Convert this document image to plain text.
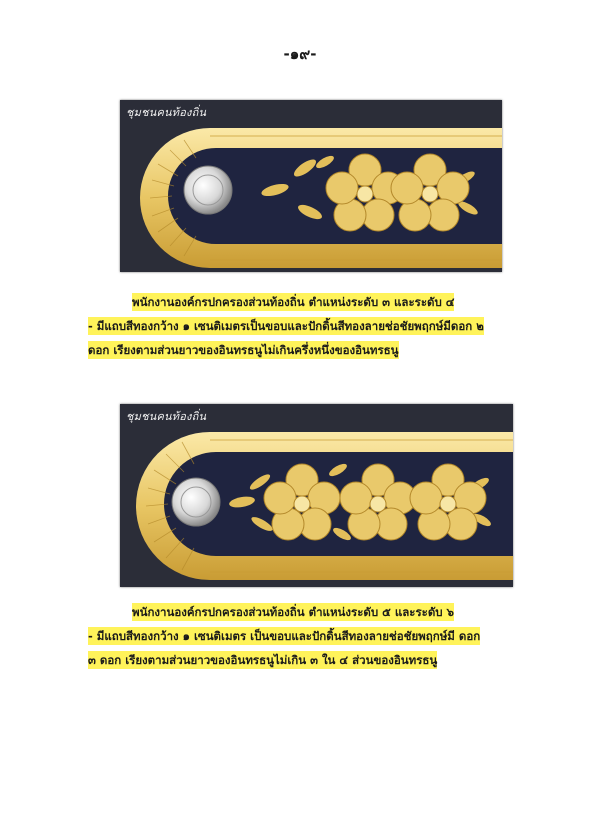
-๑๙-
ชุมชนคนท้องถิ่น
พนักงานองค์กรปกครองส่วนท้องถิ่น ตำแหน่งระดับ ๓ และระดับ ๔
- มีแถบสีทองกว้าง ๑ เซนติเมตรเป็นขอบและปักดิ้นสีทองลายช่อชัยพฤกษ์มีดอก ๒
ดอก เรียงตามส่วนยาวของอินทรธนูไม่เกินครึ่งหนึ่งของอินทรธนู
ชุมชนคนท้องถิ่น
พนักงานองค์กรปกครองส่วนท้องถิ่น ตำแหน่งระดับ ๕ และระดับ ๖
- มีแถบสีทองกว้าง ๑ เซนติเมตร เป็นขอบและปักดิ้นสีทองลายช่อชัยพฤกษ์มี ดอก
๓ ดอก เรียงตามส่วนยาวของอินทรธนูไม่เกิน ๓ ใน ๔ ส่วนของอินทรธนู
